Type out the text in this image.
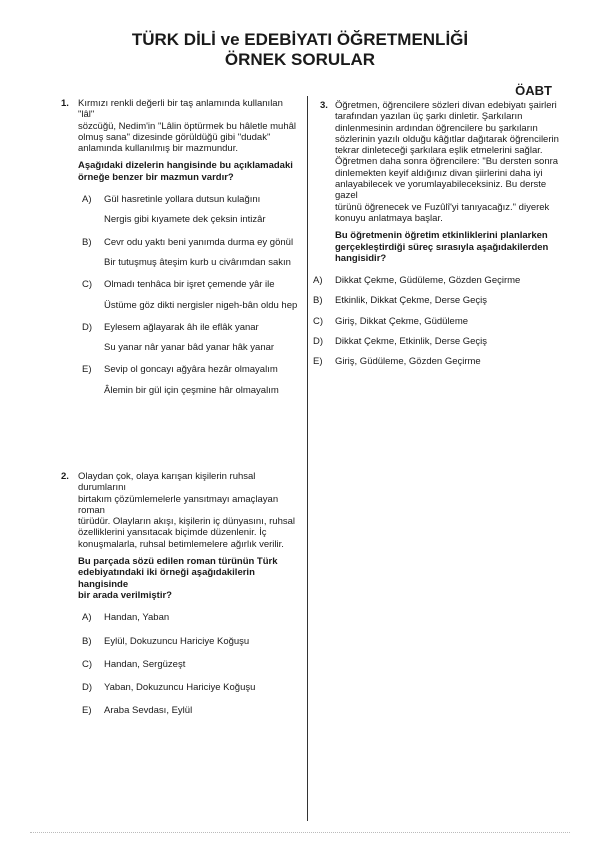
TÜRK DİLİ ve EDEBİYATI ÖĞRETMENLİĞİ
ÖRNEK SORULAR
ÖABT
1. Kırmızı renkli değerli bir taş anlamında kullanılan "lâl"

sözcüğü, Nedim'in "Lâlin öptürmek bu hâletle muhâl

olmuş sana" dizesinde görüldüğü gibi "dudak"

anlamında kullanılmış bir mazmundur.

Aşağıdaki dizelerin hangisinde bu açıklamadaki
örneğe benzer bir mazmun vardır?

A) Gül hasretinle yollara dutsun kulağını
Nergis gibi kıyamete dek çeksin intizâr
B) Cevr odu yaktı beni yanımda durma ey gönül
Bir tutuşmuş âteşim kurb u civârımdan sakın
C) Olmadı tenhâca bir işret çemende yâr ile
Üstüme göz dikti nergisler nigeh-bân oldu hep
D) Eylesem ağlayarak âh ile eflâk yanar
Su yanar nâr yanar bâd yanar hâk yanar
E) Sevip ol goncayı ağyâra hezâr olmayalım
Âlemin bir gül için çeşmine hâr olmayalım
2. Olaydan çok, olaya karışan kişilerin ruhsal durumlarını

birtakım çözümlemelerle yansıtmayı amaçlayan roman

türüdür. Olayların akışı, kişilerin iç dünyasını, ruhsal

özelliklerini yansıtacak biçimde düzenlenir. İç

konuşmalarla, ruhsal betimlemelere ağırlık verilir.

Bu parçada sözü edilen roman türünün Türk
edebiyatındaki iki örneği aşağıdakilerin hangisinde
bir arada verilmiştir?

A) Handan, Yaban
B) Eylül, Dokuzuncu Hariciye Koğuşu
C) Handan, Sergüzeşt
D) Yaban, Dokuzuncu Hariciye Koğuşu
E) Araba Sevdası, Eylül
3. Öğretmen, öğrencilere sözleri divan edebiyatı şairleri

tarafından yazılan üç şarkı dinletir. Şarkıların

dinlenmesinin ardından öğrencilere bu şarkıların

sözlerinin yazılı olduğu kâğıtlar dağıtarak öğrencilerin

tekrar dinleteceği şarkılara eşlik etmelerini sağlar.

Öğretmen daha sonra öğrencilere: "Bu dersten sonra

dinlemekten keyif aldığınız divan şiirlerini daha iyi

anlayabilecek ve yorumlayabileceksiniz. Bu derste gazel

türünü öğrenecek ve Fuzûlî'yi tanıyacağız." diyerek

konuyu anlatmaya başlar.

Bu öğretmenin öğretim etkinliklerini planlarken
gerçekleştirdiği süreç sırasıyla aşağıdakilerden
hangisidir?

A) Dikkat Çekme, Güdüleme, Gözden Geçirme
B) Etkinlik, Dikkat Çekme, Derse Geçiş
C) Giriş, Dikkat Çekme, Güdüleme
D) Dikkat Çekme, Etkinlik, Derse Geçiş
E) Giriş, Güdüleme, Gözden Geçirme
